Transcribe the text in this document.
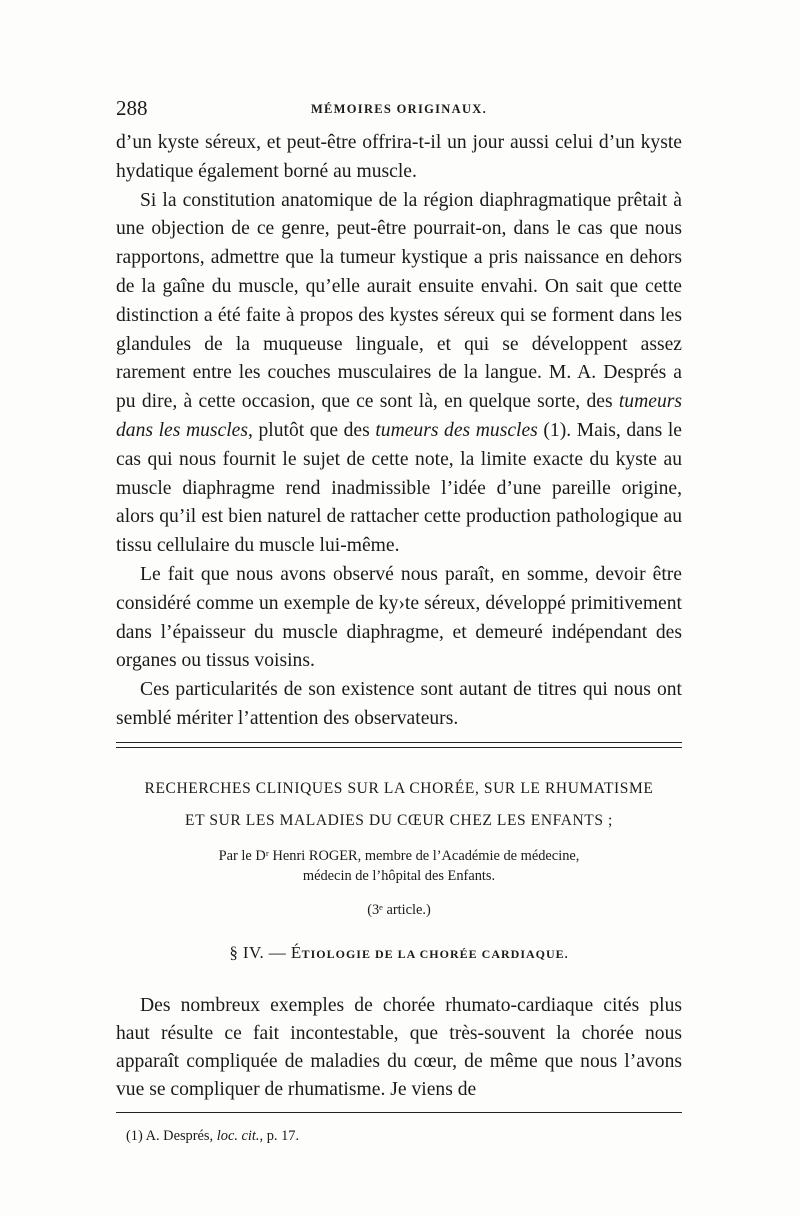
288	MÉMOIRES ORIGINAUX.

d’un kyste séreux, et peut-être offrira-t-il un jour aussi celui d’un kyste hydatique également borné au muscle.

Si la constitution anatomique de la région diaphragmatique prêtait à une objection de ce genre, peut-être pourrait-on, dans le cas que nous rapportons, admettre que la tumeur kystique a pris naissance en dehors de la gaîne du muscle, qu’elle aurait ensuite envahi. On sait que cette distinction a été faite à propos des kystes séreux qui se forment dans les glandules de la muqueuse linguale, et qui se développent assez rarement entre les couches musculaires de la langue. M. A. Després a pu dire, à cette occasion, que ce sont là, en quelque sorte, des tumeurs dans les muscles, plutôt que des tumeurs des muscles (1). Mais, dans le cas qui nous fournit le sujet de cette note, la limite exacte du kyste au muscle diaphragme rend inadmissible l’idée d’une pareille origine, alors qu’il est bien naturel de rattacher cette production pathologique au tissu cellulaire du muscle lui-même.

Le fait que nous avons observé nous paraît, en somme, devoir être considéré comme un exemple de ky›te séreux, développé primitivement dans l’épaisseur du muscle diaphragme, et demeuré indépendant des organes ou tissus voisins.

Ces particularités de son existence sont autant de titres qui nous ont semblé mériter l’attention des observateurs.

RECHERCHES CLINIQUES SUR LA CHORÉE, SUR LE RHUMATISME
ET SUR LES MALADIES DU CŒUR CHEZ LES ENFANTS ;
Par le Dʳ Henri ROGER, membre de l’Académie de médecine,
médecin de l’hôpital des Enfants.
(3ᵉ article.)
§ IV. — ÉTIOLOGIE DE LA CHORÉE CARDIAQUE.
Des nombreux exemples de chorée rhumato-cardiaque cités plus haut résulte ce fait incontestable, que très-souvent la chorée nous apparaît compliquée de maladies du cœur, de même que nous l’avons vue se compliquer de rhumatisme. Je viens de
(1) A. Després, loc. cit., p. 17.
